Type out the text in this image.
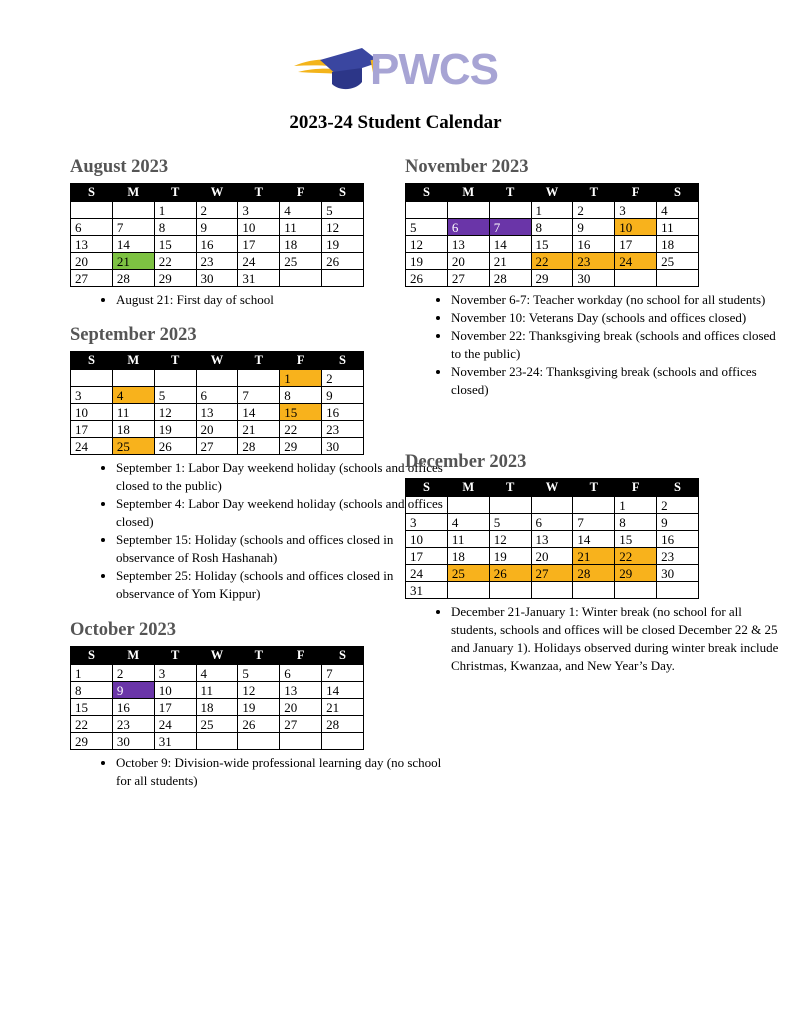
PWCS
2023-24 Student Calendar
August 2023
S	M	T	W	T	F	S
		1	2	3	4	5
6	7	8	9	10	11	12
13	14	15	16	17	18	19
20	21	22	23	24	25	26
27	28	29	30	31		
• August 21: First day of school
September 2023
S	M	T	W	T	F	S
					1	2
3	4	5	6	7	8	9
10	11	12	13	14	15	16
17	18	19	20	21	22	23
24	25	26	27	28	29	30
• September 1: Labor Day weekend holiday (schools and offices closed to the public)
• September 4: Labor Day weekend holiday (schools and offices closed)
• September 15: Holiday (schools and offices closed in observance of Rosh Hashanah)
• September 25: Holiday (schools and offices closed in observance of Yom Kippur)
October 2023
S	M	T	W	T	F	S
1	2	3	4	5	6	7
8	9	10	11	12	13	14
15	16	17	18	19	20	21
22	23	24	25	26	27	28
29	30	31				
• October 9: Division-wide professional learning day (no school for all students)
November 2023
S	M	T	W	T	F	S
			1	2	3	4
5	6	7	8	9	10	11
12	13	14	15	16	17	18
19	20	21	22	23	24	25
26	27	28	29	30		
• November 6-7: Teacher workday (no school for all students)
• November 10: Veterans Day (schools and offices closed)
• November 22: Thanksgiving break (schools and offices closed to the public)
• November 23-24: Thanksgiving break (schools and offices closed)
December 2023
S	M	T	W	T	F	S
					1	2
3	4	5	6	7	8	9
10	11	12	13	14	15	16
17	18	19	20	21	22	23
24	25	26	27	28	29	30
31						
• December 21-January 1: Winter break (no school for all students, schools and offices will be closed December 22 & 25 and January 1). Holidays observed during winter break include Christmas, Kwanzaa, and New Year’s Day.
